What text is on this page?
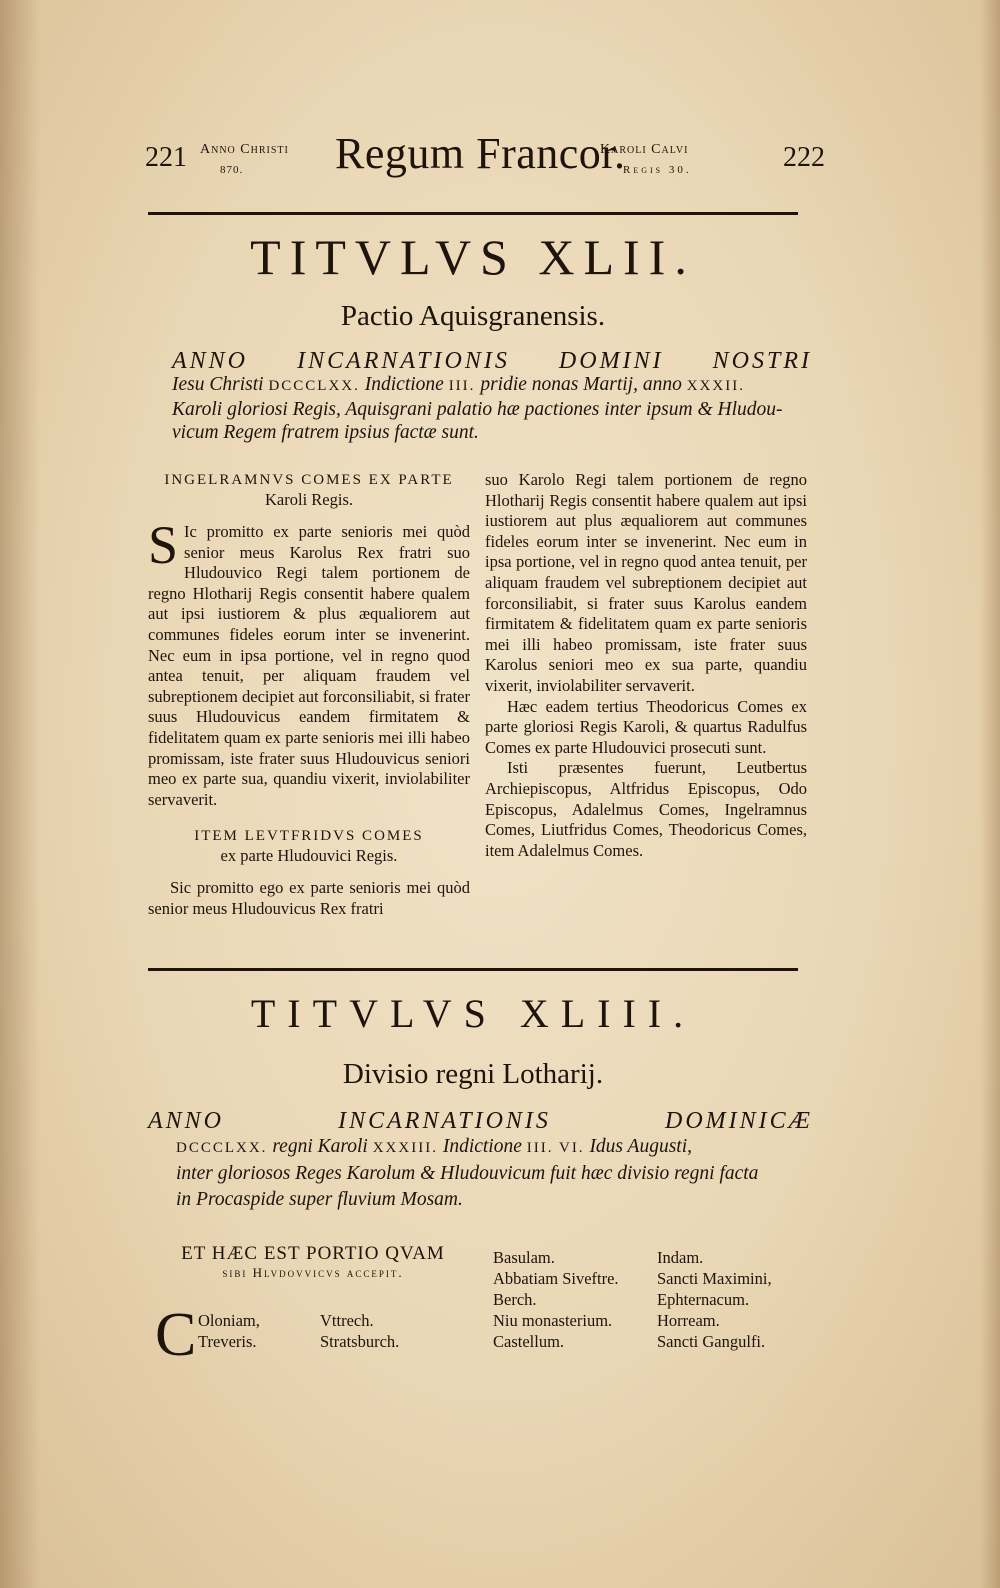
221 Anno Christi
870. Regum Francor.
Karoli Calvi
Regis 30.	222
TITVLVS XLII.
Pactio Aquisgranensis.
ANNO INCARNATIONIS DOMINI NOSTRI
Iesu Christi DCCCLXX. Indictione III. pridie nonas Martij, anno XXXII.
Karoli gloriosi Regis, Aquisgrani palatio hæ pactiones inter ipsum & Hludou-
vicum Regem fratrem ipsius factæ sunt.
INGELRAMNVS COMES EX PARTE
Karoli Regis.

S Ic promitto ex parte senioris mei quòd senior meus Karolus Rex fratri suo Hludouvico Regi talem portionem de regno Hlotharij Regis consentit habere qualem aut ipsi iustiorem & plus æqualiorem aut communes fideles eorum inter se invenerint. Nec eum in ipsa portione, vel in regno quod antea tenuit, per aliquam fraudem vel subreptionem decipiet aut forconsiliabit, si frater suus Hludouvicus eandem firmitatem & fidelitatem quam ex parte senioris mei illi habeo promissam, iste frater suus Hludouvicus seniori meo ex parte sua, quandiu vixerit, inviolabiliter servaverit.

ITEM LEVTFRIDVS COMES
ex parte Hludouvici Regis.

Sic promitto ego ex parte senioris mei quòd senior meus Hludouvicus Rex fratri

suo Karolo Regi talem portionem de regno Hlotharij Regis consentit habere qualem aut ipsi iustiorem aut plus æqualiorem aut communes fideles eorum inter se invenerint. Nec eum in ipsa portione, vel in regno quod antea tenuit, per aliquam fraudem vel subreptionem decipiet aut forconsiliabit, si frater suus Karolus eandem firmitatem & fidelitatem quam ex parte senioris mei illi habeo promissam, iste frater suus Karolus seniori meo ex sua parte, quandiu vixerit, inviolabiliter servaverit.

Hæc eadem tertius Theodoricus Comes ex parte gloriosi Regis Karoli, & quartus Radulfus Comes ex parte Hludouvici prosecuti sunt.

Isti præsentes fuerunt, Leutbertus Archiepiscopus, Altfridus Episcopus, Odo Episcopus, Adalelmus Comes, Ingelramnus Comes, Liutfridus Comes, Theodoricus Comes, item Adalelmus Comes.

TITVLVS XLIII.
Divisio regni Lotharij.
ANNO INCARNATIONIS DOMINICÆ
DCCCLXX. regni Karoli XXXIII. Indictione III. VI. Idus Augusti,
inter gloriosos Reges Karolum & Hludouvicum fuit hæc divisio regni facta
in Procaspide super fluvium Mosam.
ET HÆC EST PORTIO QVAM
sibi Hlvdovvicvs accepit.
C Oloniam,
Treveris.
Vttrech.
Stratsburch.
Basulam.
Abbatiam Siveftre.
Berch.
Niu monasterium.
Castellum.
Indam.
Sancti Maximini,
Ephternacum.
Horream.
Sancti Gangulfi.
